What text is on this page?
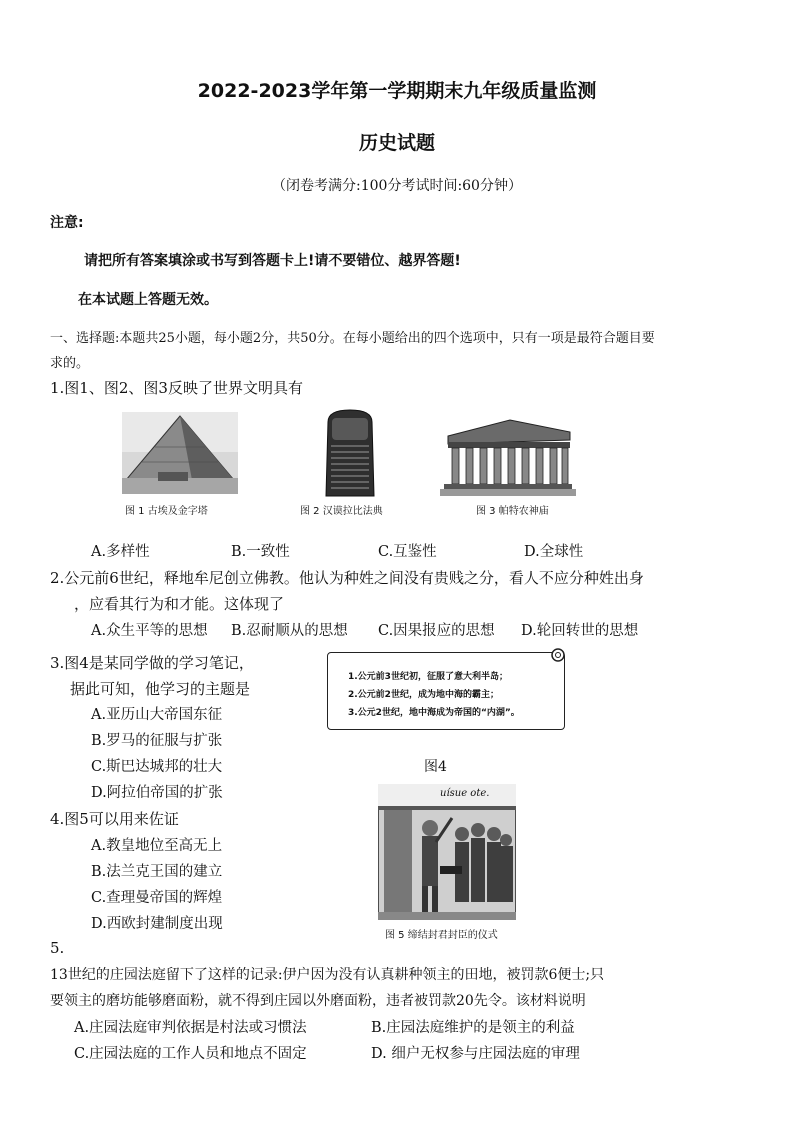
2022-2023学年第一学期期末九年级质量监测
历史试题
（闭卷考满分:100分考试时间:60分钟）
注意:
请把所有答案填涂或书写到答题卡上!请不要错位、越界答题!
在本试题上答题无效。
一、选择题:本题共25小题，每小题2分，共50分。在每小题给出的四个选项中，只有一项是最符合题目要
求的。
1.图1、图2、图3反映了世界文明具有
图 1 古埃及金字塔	图 2 汉谟拉比法典	图 3 帕特农神庙
A.多样性	B.一致性	C.互鉴性	D.全球性
2.公元前6世纪，释地牟尼创立佛教。他认为种姓之间没有贵贱之分，看人不应分种姓出身
，应看其行为和才能。这体现了
A.众生平等的思想 B.忍耐顺从的思想 C.因果报应的思想 D.轮回转世的思想
3.图4是某同学做的学习笔记，
据此可知，他学习的主题是
A.亚历山大帝国东征
B.罗马的征服与扩张
C.斯巴达城邦的壮大
D.阿拉伯帝国的扩张
1.公元前3世纪初，征服了意大利半岛；
2.公元前2世纪，成为地中海的霸主；
3.公元2世纪，地中海成为帝国的“内湖”。
图4
4.图5可以用来佐证
A.教皇地位至高无上
B.法兰克王国的建立
C.查理曼帝国的辉煌
D.西欧封建制度出现
uísue ote.
图 5 缔结封君封臣的仪式
5.
13世纪的庄园法庭留下了这样的记录:伊户因为没有认真耕种领主的田地，被罚款6便士;只
要领主的磨坊能够磨面粉，就不得到庄园以外磨面粉，违者被罚款20先令。该材料说明
A.庄园法庭审判依据是村法或习惯法	B.庄园法庭维护的是领主的利益
C.庄园法庭的工作人员和地点不固定	D. 细户无权参与庄园法庭的审理
